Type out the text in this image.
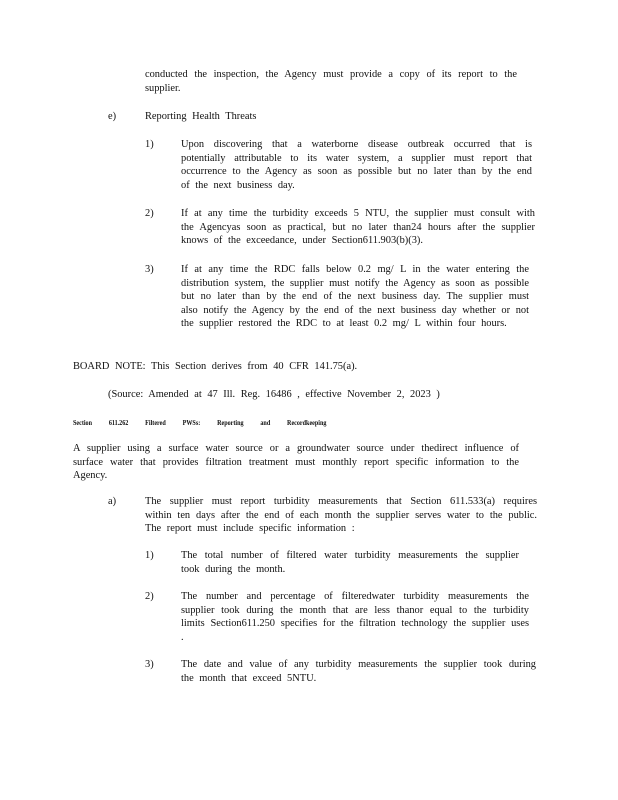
conducted the inspection, the Agency must provide a copy of its report to the supplier.

e)	Reporting Health Threats

1)	Upon discovering that a waterborne disease outbreak occurred that is potentially attributable to its water system, a supplier must report that occurrence to the Agency as soon as possible but no later than by the end of the next business day.

2)	If at any time the turbidity exceeds 5 NTU, the supplier must consult with the Agencyas soon as practical, but no later than24 hours after the supplier knows of the exceedance, under Section611.903(b)(3).

3)	If at any time the RDC falls below 0.2 mg/ L in the water entering the distribution system, the supplier must notify the Agency as soon as possible but no later than by the end of the next business day. The supplier must also notify the Agency by the end of the next business day whether or not the supplier restored the RDC to at least 0.2 mg/ L within four hours.

BOARD NOTE: This Section derives from 40 CFR 141.75(a).

(Source: Amended at 47 Ill. Reg. 16486 , effective November 2, 2023 )

Section 611.262 Filtered PWSs: Reporting and Recordkeeping

A supplier using a surface water source or a groundwater source under thedirect influence of surface water that provides filtration treatment must monthly report specific information to the Agency.

a)	The supplier must report turbidity measurements that Section 611.533(a) requires within ten days after the end of each month the supplier serves water to the public. The report must include specific information :

1)	The total number of filtered water turbidity measurements the supplier took during the month.

2)	The number and percentage of filteredwater turbidity measurements the supplier took during the month that are less thanor equal to the turbidity limits Section611.250 specifies for the filtration technology the supplier uses .

3)	The date and value of any turbidity measurements the supplier took during the month that exceed 5NTU.
